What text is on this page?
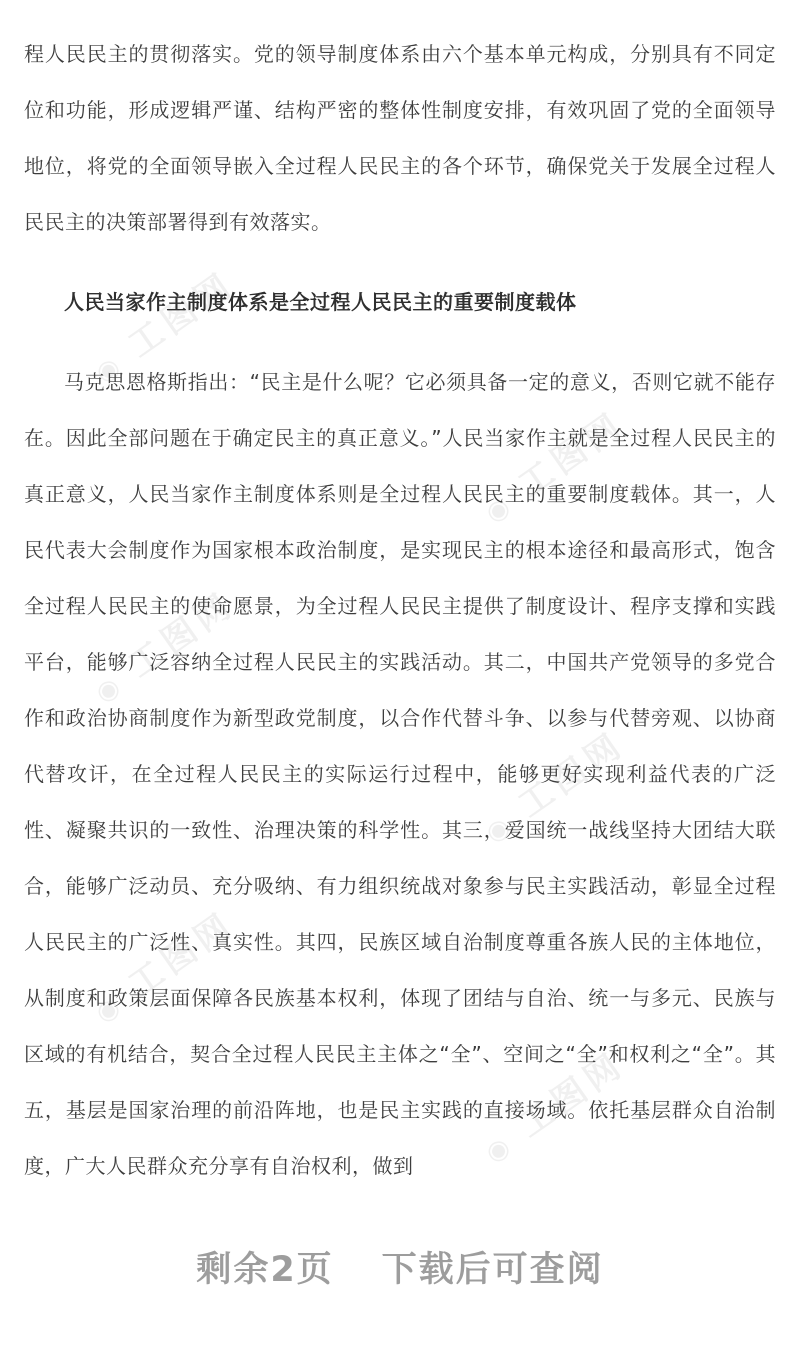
◉ 工图网
◉ 工图网
◉ 工图网
◉ 工图网
◉ 工图网
◉ 工图网

程人民民主的贯彻落实。党的领导制度体系由六个基本单元构成，分别具有不同定位和功能，形成逻辑严谨、结构严密的整体性制度安排，有效巩固了党的全面领导地位，将党的全面领导嵌入全过程人民民主的各个环节，确保党关于发展全过程人民民主的决策部署得到有效落实。

人民当家作主制度体系是全过程人民民主的重要制度载体

马克思恩格斯指出：“民主是什么呢？它必须具备一定的意义，否则它就不能存在。因此全部问题在于确定民主的真正意义。”人民当家作主就是全过程人民民主的真正意义，人民当家作主制度体系则是全过程人民民主的重要制度载体。其一，人民代表大会制度作为国家根本政治制度，是实现民主的根本途径和最高形式，饱含全过程人民民主的使命愿景，为全过程人民民主提供了制度设计、程序支撑和实践平台，能够广泛容纳全过程人民民主的实践活动。其二，中国共产党领导的多党合作和政治协商制度作为新型政党制度，以合作代替斗争、以参与代替旁观、以协商代替攻讦，在全过程人民民主的实际运行过程中，能够更好实现利益代表的广泛性、凝聚共识的一致性、治理决策的科学性。其三，爱国统一战线坚持大团结大联合，能够广泛动员、充分吸纳、有力组织统战对象参与民主实践活动，彰显全过程人民民主的广泛性、真实性。其四，民族区域自治制度尊重各族人民的主体地位，从制度和政策层面保障各民族基本权利，体现了团结与自治、统一与多元、民族与区域的有机结合，契合全过程人民民主主体之“全”、空间之“全”和权利之“全”。其五，基层是国家治理的前沿阵地，也是民主实践的直接场域。依托基层群众自治制度，广大人民群众充分享有自治权利，做到

剩余2页 下载后可查阅
